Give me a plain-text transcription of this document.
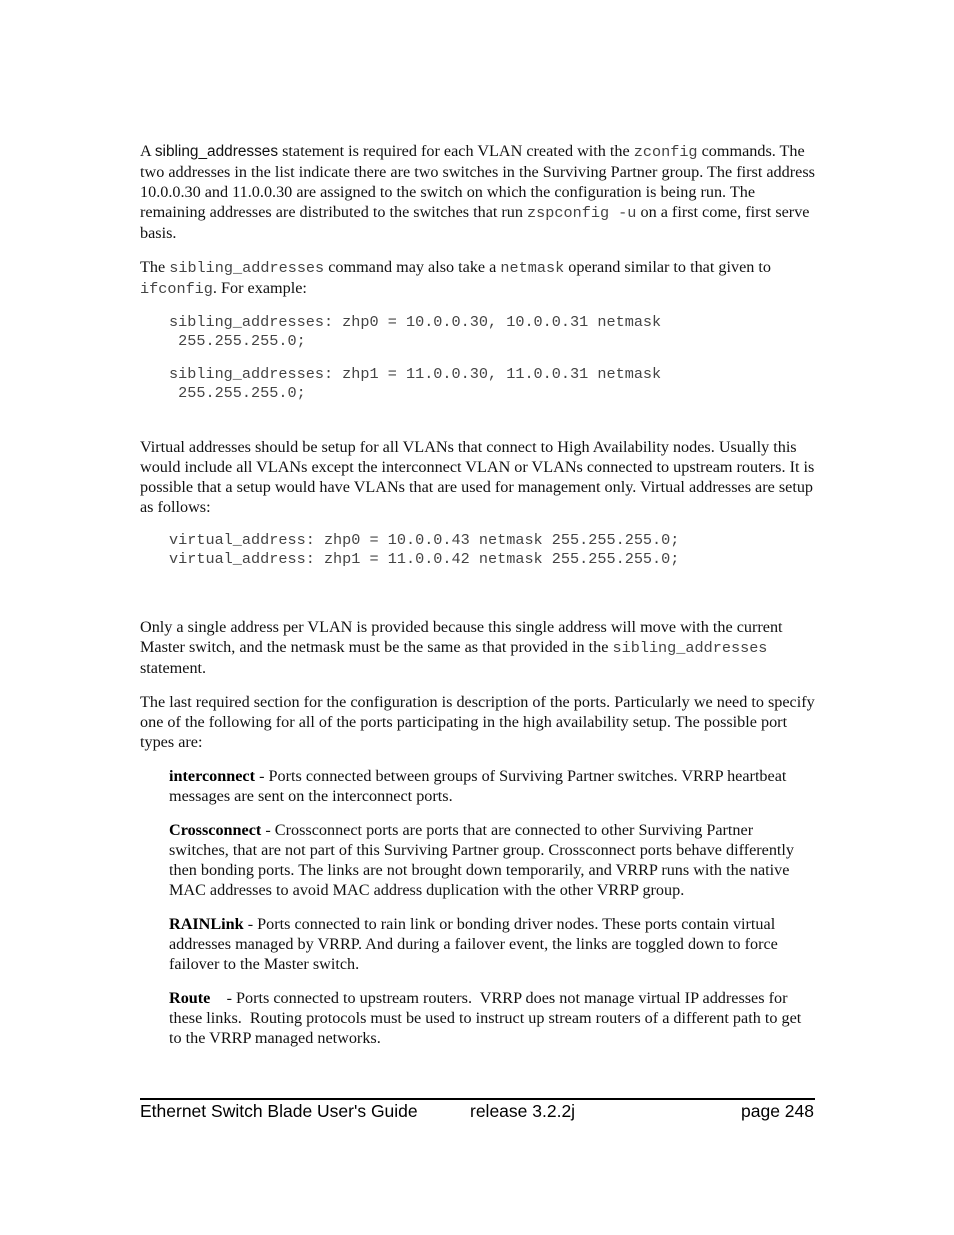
A sibling_addresses statement is required for each VLAN created with the zconfig commands. The two addresses in the list indicate there are two switches in the Surviving Partner group. The first address 10.0.0.30 and 11.0.0.30 are assigned to the switch on which the configuration is being run. The remaining addresses are distributed to the switches that run zspconfig -u on a first come, first serve basis.

The sibling_addresses command may also take a netmask operand similar to that given to ifconfig. For example:

sibling_addresses: zhp0 = 10.0.0.30, 10.0.0.31 netmask
255.255.255.0;
sibling_addresses: zhp1 = 11.0.0.30, 11.0.0.31 netmask
255.255.255.0;

Virtual addresses should be setup for all VLANs that connect to High Availability nodes. Usually this would include all VLANs except the interconnect VLAN or VLANs connected to upstream routers. It is possible that a setup would have VLANs that are used for management only. Virtual addresses are setup as follows:

virtual_address: zhp0 = 10.0.0.43 netmask 255.255.255.0;
virtual_address: zhp1 = 11.0.0.42 netmask 255.255.255.0;

Only a single address per VLAN is provided because this single address will move with the current Master switch, and the netmask must be the same as that provided in the sibling_addresses statement.

The last required section for the configuration is description of the ports. Particularly we need to specify one of the following for all of the ports participating in the high availability setup. The possible port types are:

interconnect - Ports connected between groups of Surviving Partner switches. VRRP heartbeat messages are sent on the interconnect ports.

Crossconnect - Crossconnect ports are ports that are connected to other Surviving Partner switches, that are not part of this Surviving Partner group. Crossconnect ports behave differently then bonding ports. The links are not brought down temporarily, and VRRP runs with the native MAC addresses to avoid MAC address duplication with the other VRRP group.

RAINLink - Ports connected to rain link or bonding driver nodes. These ports contain virtual addresses managed by VRRP. And during a failover event, the links are toggled down to force failover to the Master switch.

Route    - Ports connected to upstream routers.  VRRP does not manage virtual IP addresses for these links.  Routing protocols must be used to instruct up stream routers of a different path to get to the VRRP managed networks.

Ethernet Switch Blade User's Guide	release 3.2.2j	page 248
